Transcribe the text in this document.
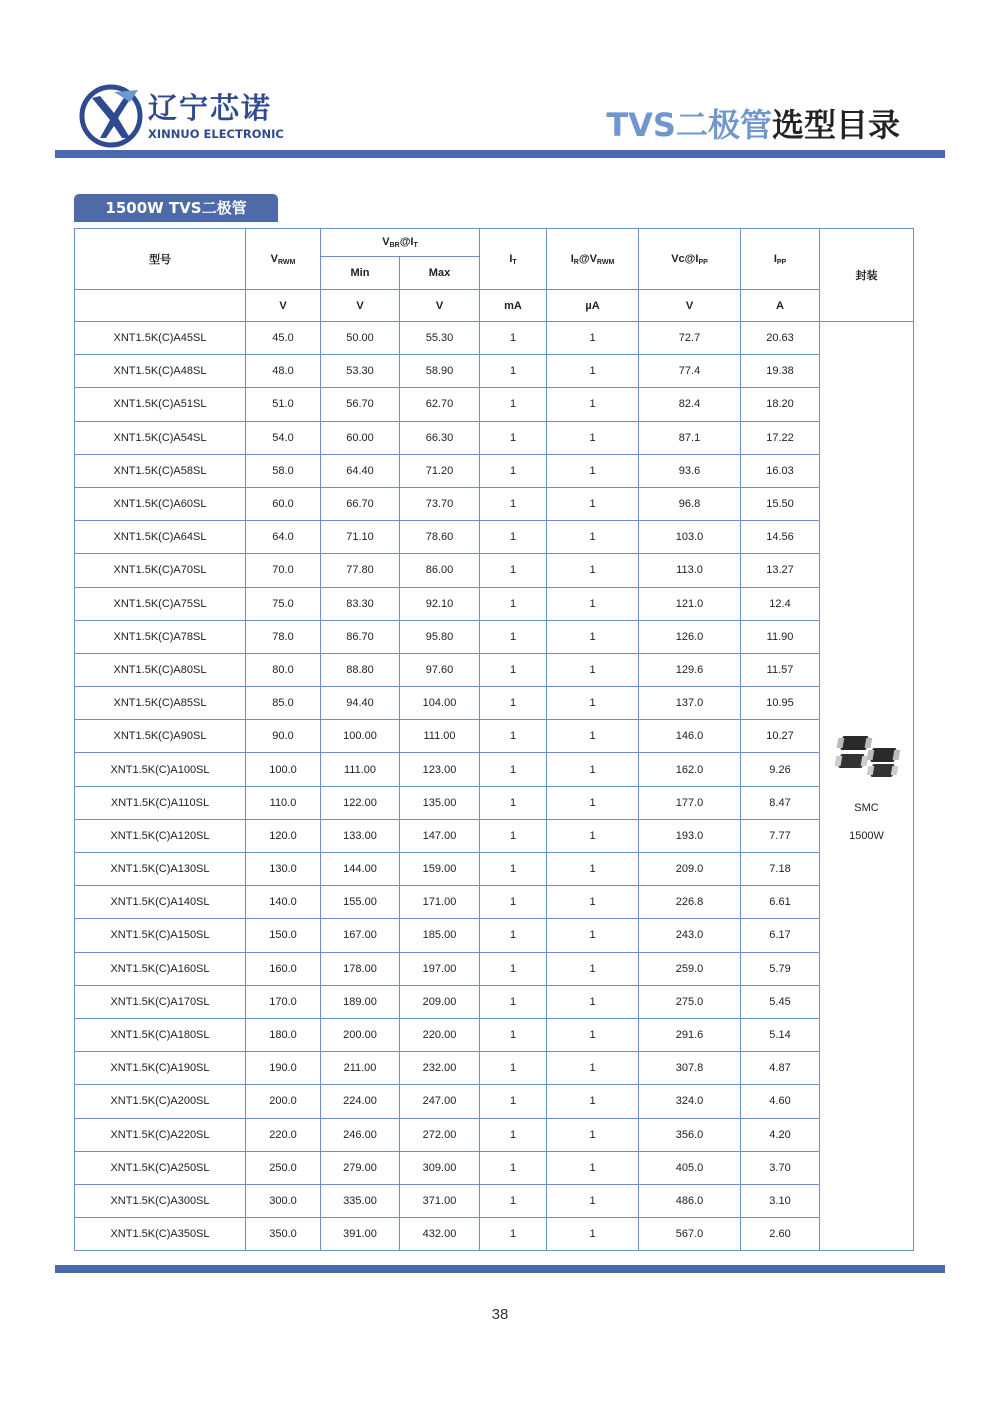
辽宁芯诺
XINNUO ELECTRONIC	TVS二极管选型目录
1500W TVS二极管
型号	$V_{RWM}$	$V_{BR}@I_T$		$I_T$	$I_R@V_{RWM}$	$Vc@I_{PP}$	$I_{PP}$	封装
		Min	Max					
	V	V	V	mA	µA	V	A	
XNT1.5K(C)A45SL	45.0	50.00	55.30	1	1	72.7	20.63	SMC
1500W

XNT1.5K(C)A48SL	48.0	53.30	58.90	1	1	77.4	19.38	
XNT1.5K(C)A51SL	51.0	56.70	62.70	1	1	82.4	18.20	
XNT1.5K(C)A54SL	54.0	60.00	66.30	1	1	87.1	17.22	
XNT1.5K(C)A58SL	58.0	64.40	71.20	1	1	93.6	16.03	
XNT1.5K(C)A60SL	60.0	66.70	73.70	1	1	96.8	15.50	
XNT1.5K(C)A64SL	64.0	71.10	78.60	1	1	103.0	14.56	
XNT1.5K(C)A70SL	70.0	77.80	86.00	1	1	113.0	13.27	
XNT1.5K(C)A75SL	75.0	83.30	92.10	1	1	121.0	12.4	
XNT1.5K(C)A78SL	78.0	86.70	95.80	1	1	126.0	11.90	
XNT1.5K(C)A80SL	80.0	88.80	97.60	1	1	129.6	11.57	
XNT1.5K(C)A85SL	85.0	94.40	104.00	1	1	137.0	10.95	
XNT1.5K(C)A90SL	90.0	100.00	111.00	1	1	146.0	10.27	
XNT1.5K(C)A100SL	100.0	111.00	123.00	1	1	162.0	9.26	
XNT1.5K(C)A110SL	110.0	122.00	135.00	1	1	177.0	8.47	
XNT1.5K(C)A120SL	120.0	133.00	147.00	1	1	193.0	7.77	
XNT1.5K(C)A130SL	130.0	144.00	159.00	1	1	209.0	7.18	
XNT1.5K(C)A140SL	140.0	155.00	171.00	1	1	226.8	6.61	
XNT1.5K(C)A150SL	150.0	167.00	185.00	1	1	243.0	6.17	
XNT1.5K(C)A160SL	160.0	178.00	197.00	1	1	259.0	5.79	
XNT1.5K(C)A170SL	170.0	189.00	209.00	1	1	275.0	5.45	
XNT1.5K(C)A180SL	180.0	200.00	220.00	1	1	291.6	5.14	
XNT1.5K(C)A190SL	190.0	211.00	232.00	1	1	307.8	4.87	
XNT1.5K(C)A200SL	200.0	224.00	247.00	1	1	324.0	4.60	
XNT1.5K(C)A220SL	220.0	246.00	272.00	1	1	356.0	4.20	
XNT1.5K(C)A250SL	250.0	279.00	309.00	1	1	405.0	3.70	
XNT1.5K(C)A300SL	300.0	335.00	371.00	1	1	486.0	3.10	
XNT1.5K(C)A350SL	350.0	391.00	432.00	1	1	567.0	2.60	
38
